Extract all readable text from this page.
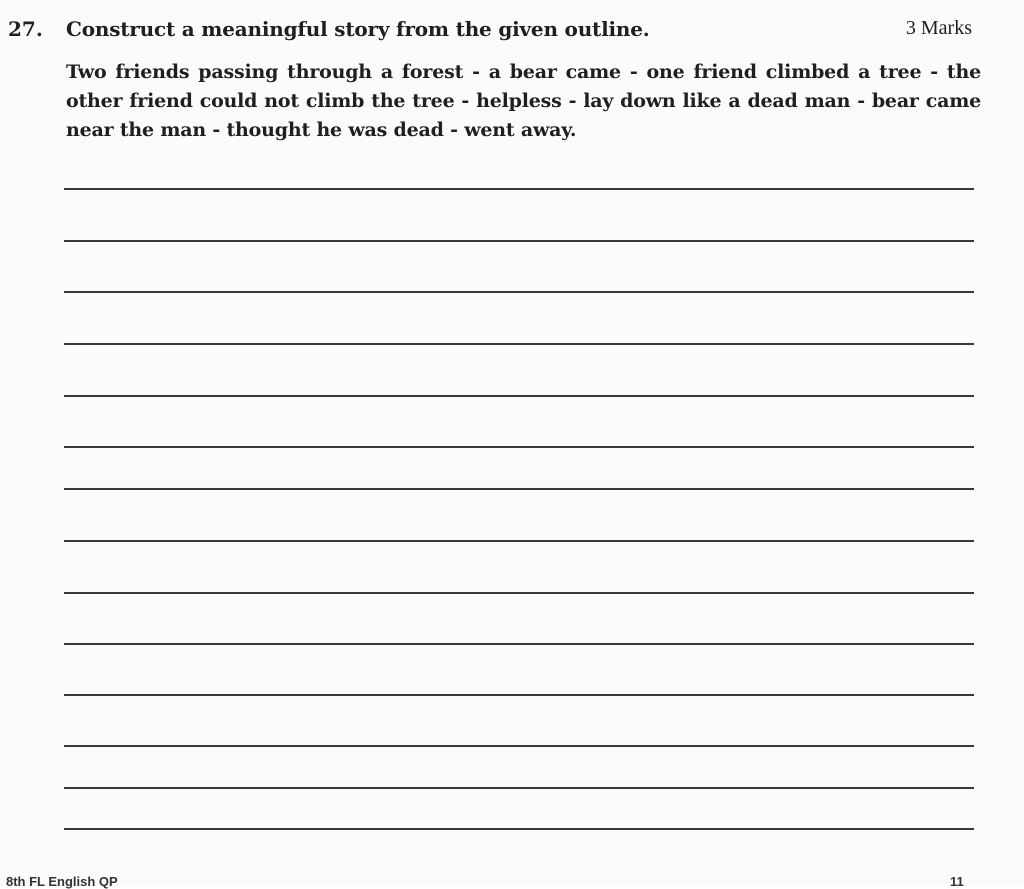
27. Construct a meaningful story from the given outline.	3 Marks
Two friends passing through a forest - a bear came - one friend climbed a tree - the other friend could not climb the tree - helpless - lay down like a dead man - bear came near the man - thought he was dead - went away.
8th FL English QP	11
